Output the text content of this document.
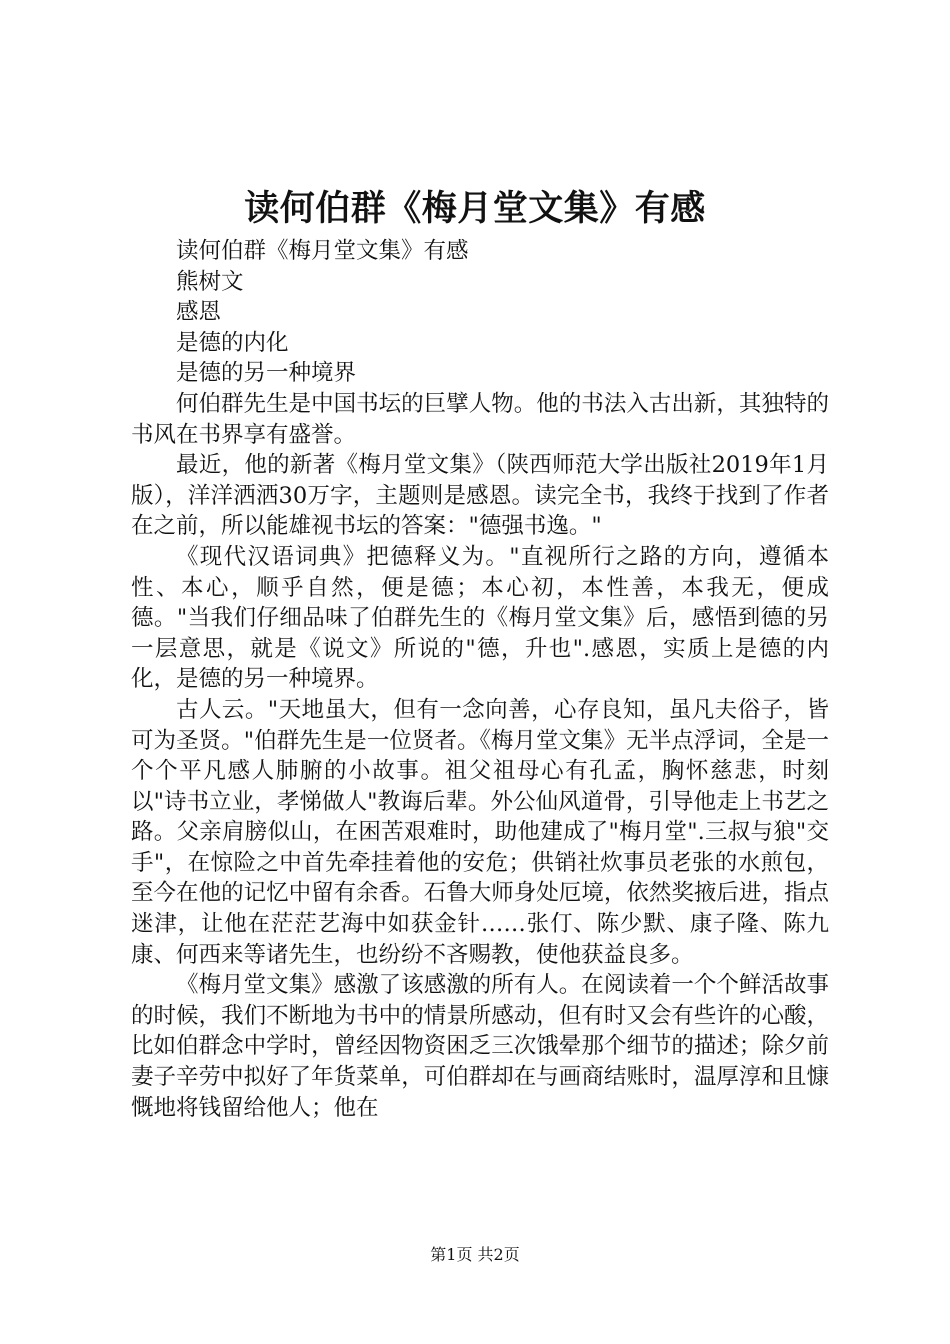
读何伯群《梅月堂文集》有感

读何伯群《梅月堂文集》有感

熊树文

感恩

是德的内化

是德的另一种境界

何伯群先生是中国书坛的巨擘人物。他的书法入古出新，其独特的书风在书界享有盛誉。

最近，他的新著《梅月堂文集》（陕西师范大学出版社2019年1月版），洋洋洒洒30万字，主题则是感恩。读完全书，我终于找到了作者在之前，所以能雄视书坛的答案："德强书逸。"

《现代汉语词典》把德释义为。"直视所行之路的方向，遵循本性、本心，顺乎自然，便是德；本心初，本性善，本我无，便成德。"当我们仔细品味了伯群先生的《梅月堂文集》后，感悟到德的另一层意思，就是《说文》所说的"德，升也".感恩，实质上是德的内化，是德的另一种境界。

古人云。"天地虽大，但有一念向善，心存良知，虽凡夫俗子，皆可为圣贤。"伯群先生是一位贤者。《梅月堂文集》无半点浮词，全是一个个平凡感人肺腑的小故事。祖父祖母心有孔孟，胸怀慈悲，时刻以"诗书立业，孝悌做人"教诲后辈。外公仙风道骨，引导他走上书艺之路。父亲肩膀似山，在困苦艰难时，助他建成了"梅月堂".三叔与狼"交手"，在惊险之中首先牵挂着他的安危；供销社炊事员老张的水煎包，至今在他的记忆中留有余香。石鲁大师身处厄境，依然奖掖后进，指点迷津，让他在茫茫艺海中如获金针……张仃、陈少默、康子隆、陈九康、何西来等诸先生，也纷纷不吝赐教，使他获益良多。

《梅月堂文集》感激了该感激的所有人。在阅读着一个个鲜活故事的时候，我们不断地为书中的情景所感动，但有时又会有些许的心酸，比如伯群念中学时，曾经因物资困乏三次饿晕那个细节的描述；除夕前妻子辛劳中拟好了年货菜单，可伯群却在与画商结账时，温厚淳和且慷慨地将钱留给他人；他在

第1页 共2页
